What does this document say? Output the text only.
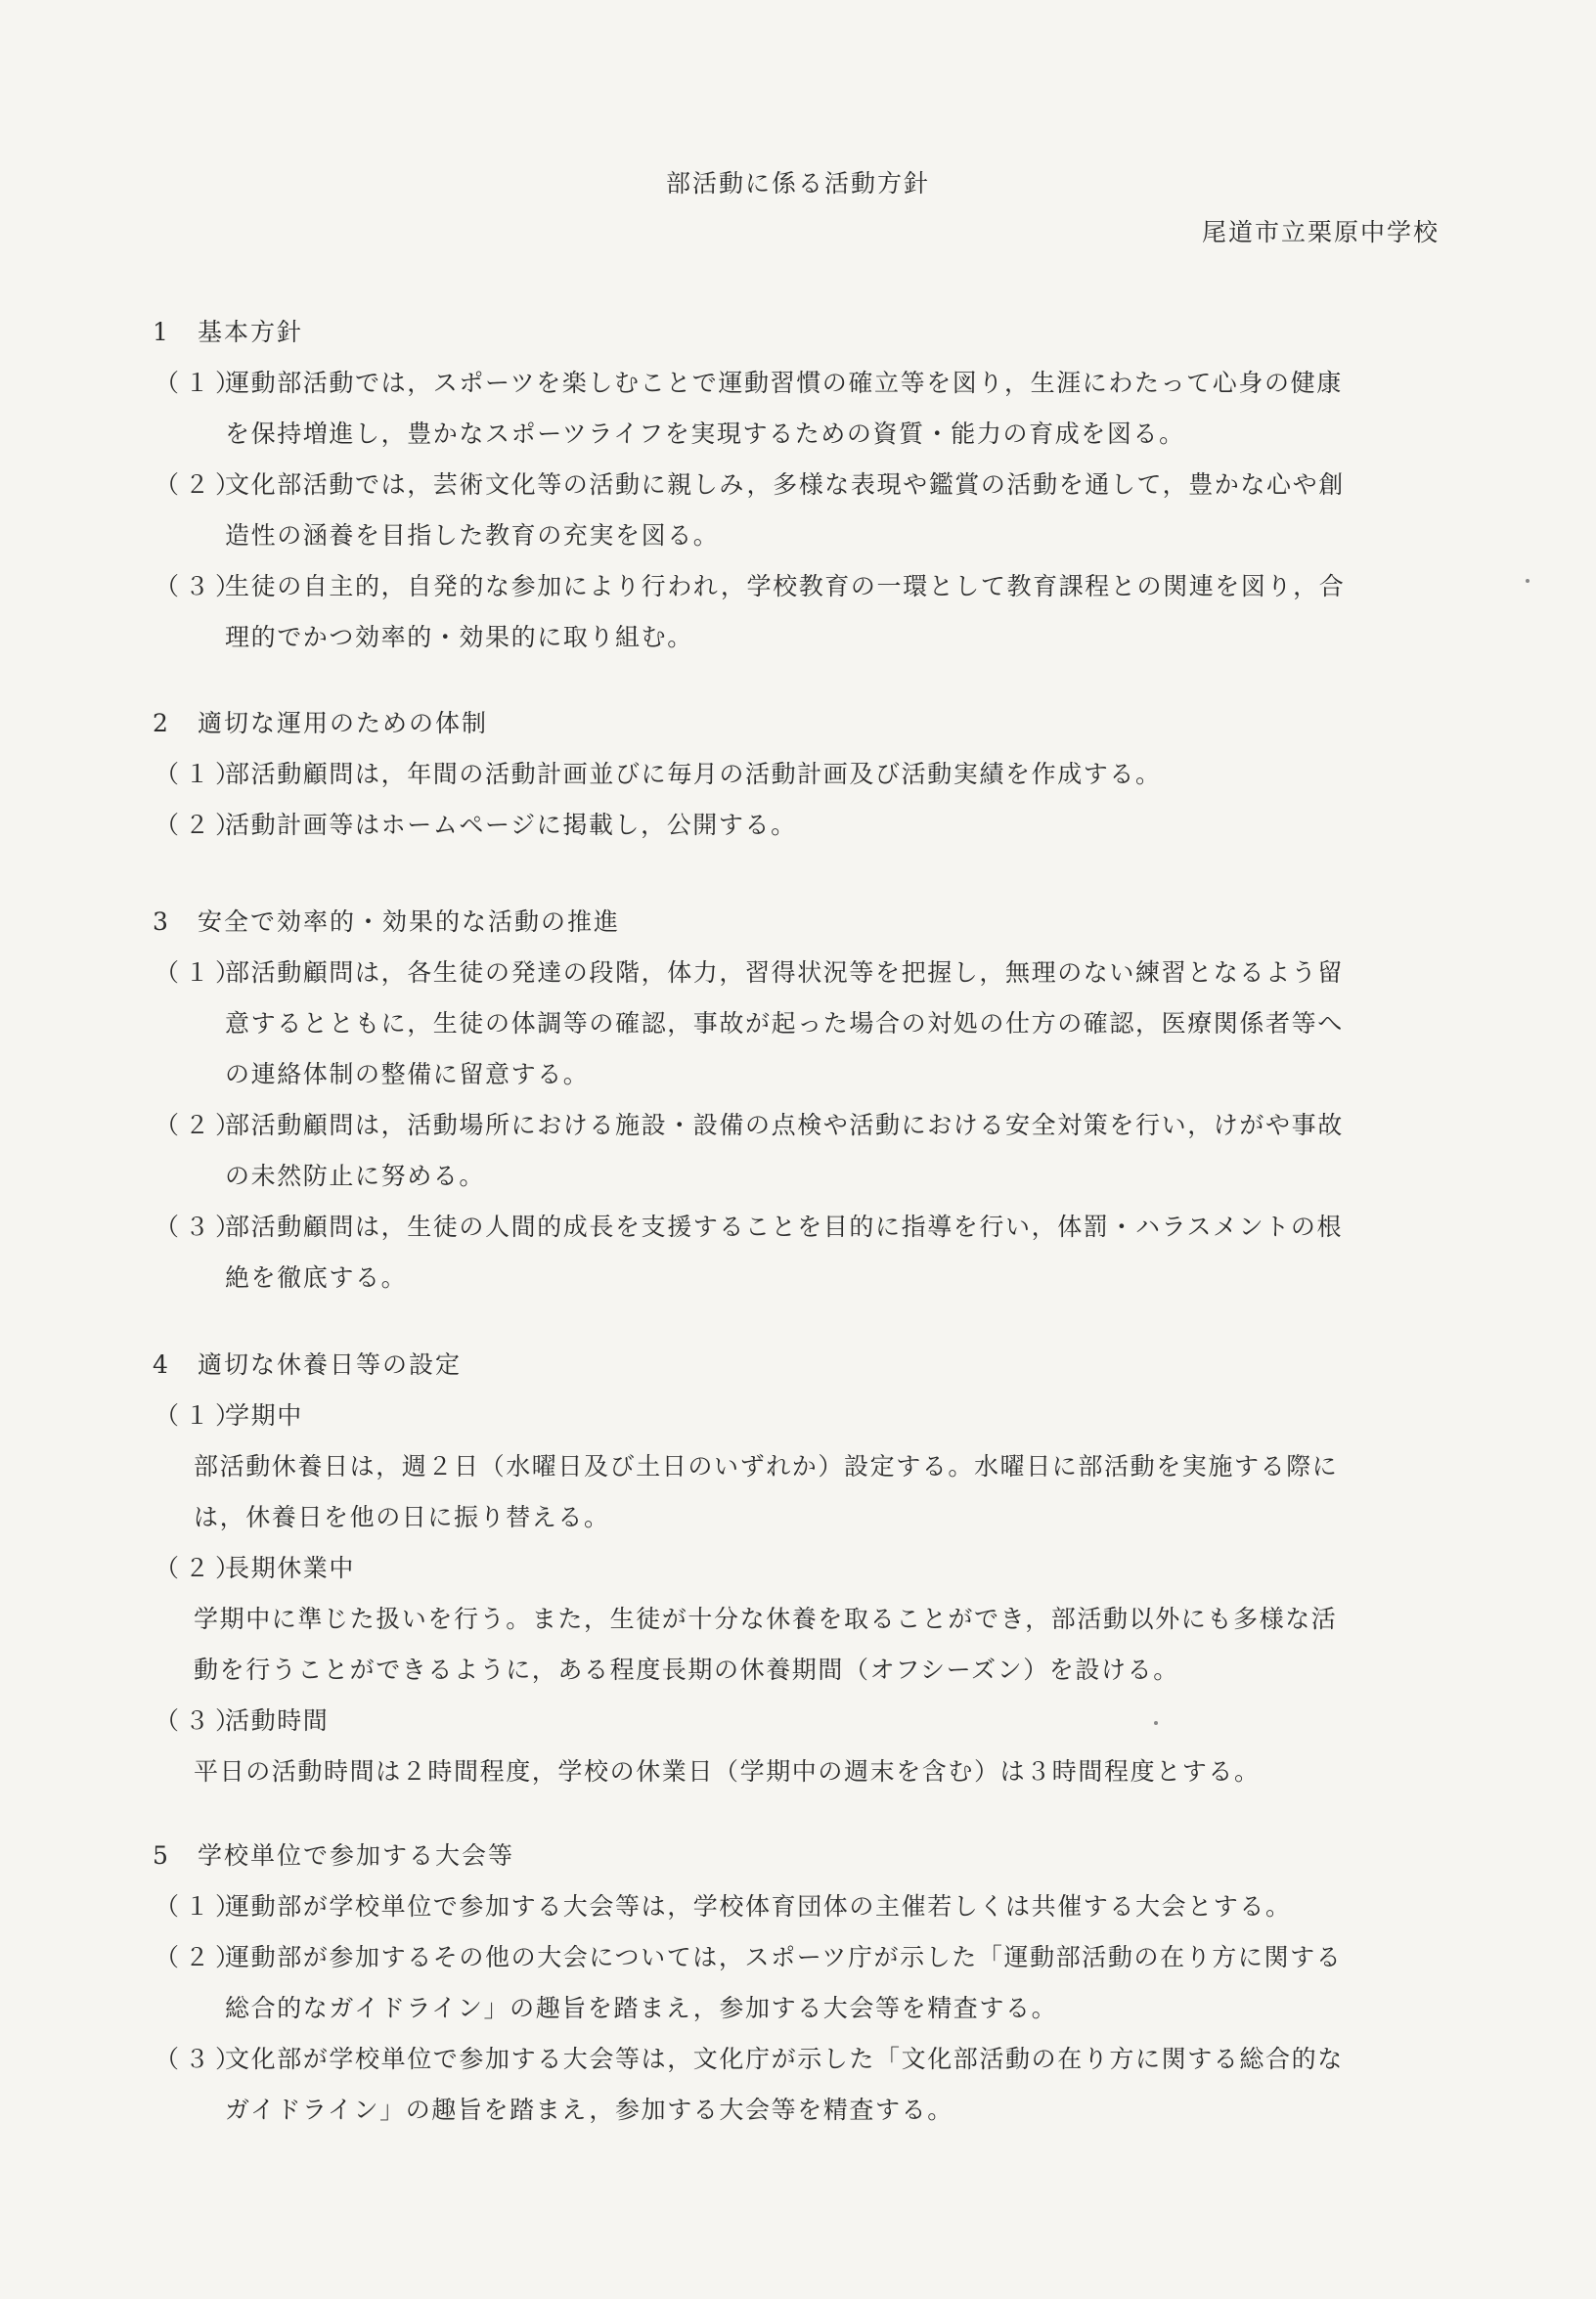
部活動に係る活動方針
尾道市立栗原中学校
1 基本方針
（１）
運動部活動では，スポーツを楽しむことで運動習慣の確立等を図り，生涯にわたって心身の健康
を保持増進し，豊かなスポーツライフを実現するための資質・能力の育成を図る。
（２）
文化部活動では，芸術文化等の活動に親しみ，多様な表現や鑑賞の活動を通して，豊かな心や創
造性の涵養を目指した教育の充実を図る。
（３）
生徒の自主的，自発的な参加により行われ，学校教育の一環として教育課程との関連を図り，合
理的でかつ効率的・効果的に取り組む。
2 適切な運用のための体制
（１）
部活動顧問は，年間の活動計画並びに毎月の活動計画及び活動実績を作成する。
（２）
活動計画等はホームページに掲載し，公開する。
3 安全で効率的・効果的な活動の推進
（１）
部活動顧問は，各生徒の発達の段階，体力，習得状況等を把握し，無理のない練習となるよう留
意するとともに，生徒の体調等の確認，事故が起った場合の対処の仕方の確認，医療関係者等へ
の連絡体制の整備に留意する。
（２）
部活動顧問は，活動場所における施設・設備の点検や活動における安全対策を行い，けがや事故
の未然防止に努める。
（３）
部活動顧問は，生徒の人間的成長を支援することを目的に指導を行い，体罰・ハラスメントの根
絶を徹底する。
4 適切な休養日等の設定
（１）
学期中
部活動休養日は，週２日（水曜日及び土日のいずれか）設定する。水曜日に部活動を実施する際に
は，休養日を他の日に振り替える。
（２）
長期休業中
学期中に準じた扱いを行う。また，生徒が十分な休養を取ることができ，部活動以外にも多様な活
動を行うことができるように，ある程度長期の休養期間（オフシーズン）を設ける。
（３）
活動時間
平日の活動時間は２時間程度，学校の休業日（学期中の週末を含む）は３時間程度とする。
5 学校単位で参加する大会等
（１）
運動部が学校単位で参加する大会等は，学校体育団体の主催若しくは共催する大会とする。
（２）
運動部が参加するその他の大会については，スポーツ庁が示した「運動部活動の在り方に関する
総合的なガイドライン」の趣旨を踏まえ，参加する大会等を精査する。
（３）
文化部が学校単位で参加する大会等は，文化庁が示した「文化部活動の在り方に関する総合的な
ガイドライン」の趣旨を踏まえ，参加する大会等を精査する。
